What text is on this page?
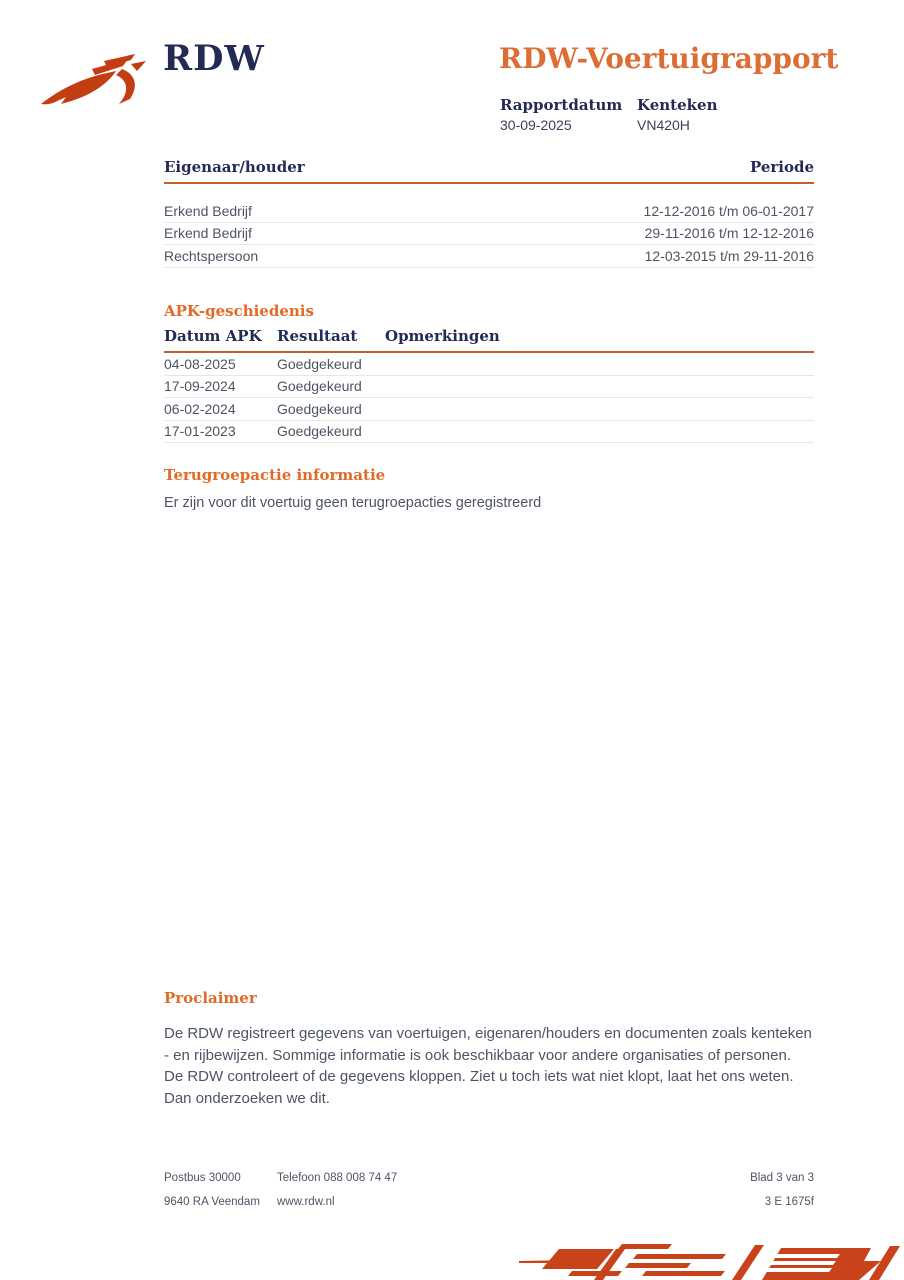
RDW	RDW-Voertuigrapport
Rapportdatum Kenteken
30-09-2025	VN420H
Eigenaar/houder	Periode
Erkend Bedrijf	12-12-2016 t/m 06-01-2017
Erkend Bedrijf	29-11-2016 t/m 12-12-2016
Rechtspersoon	12-03-2015 t/m 29-11-2016
APK-geschiedenis
Datum APK	Resultaat	Opmerkingen
04-08-2025	Goedgekeurd
17-09-2024	Goedgekeurd
06-02-2024	Goedgekeurd
17-01-2023	Goedgekeurd
Terugroepactie informatie
Er zijn voor dit voertuig geen terugroepacties geregistreerd
Proclaimer
De RDW registreert gegevens van voertuigen, eigenaren/houders en documenten zoals kenteken - en rijbewijzen. Sommige informatie is ook beschikbaar voor andere organisaties of personen. De RDW controleert of de gegevens kloppen. Ziet u toch iets wat niet klopt, laat het ons weten. Dan onderzoeken we dit.
Postbus 30000	Telefoon 088 008 74 47	Blad 3 van 3
9640 RA Veendam	www.rdw.nl	3 E 1675f
